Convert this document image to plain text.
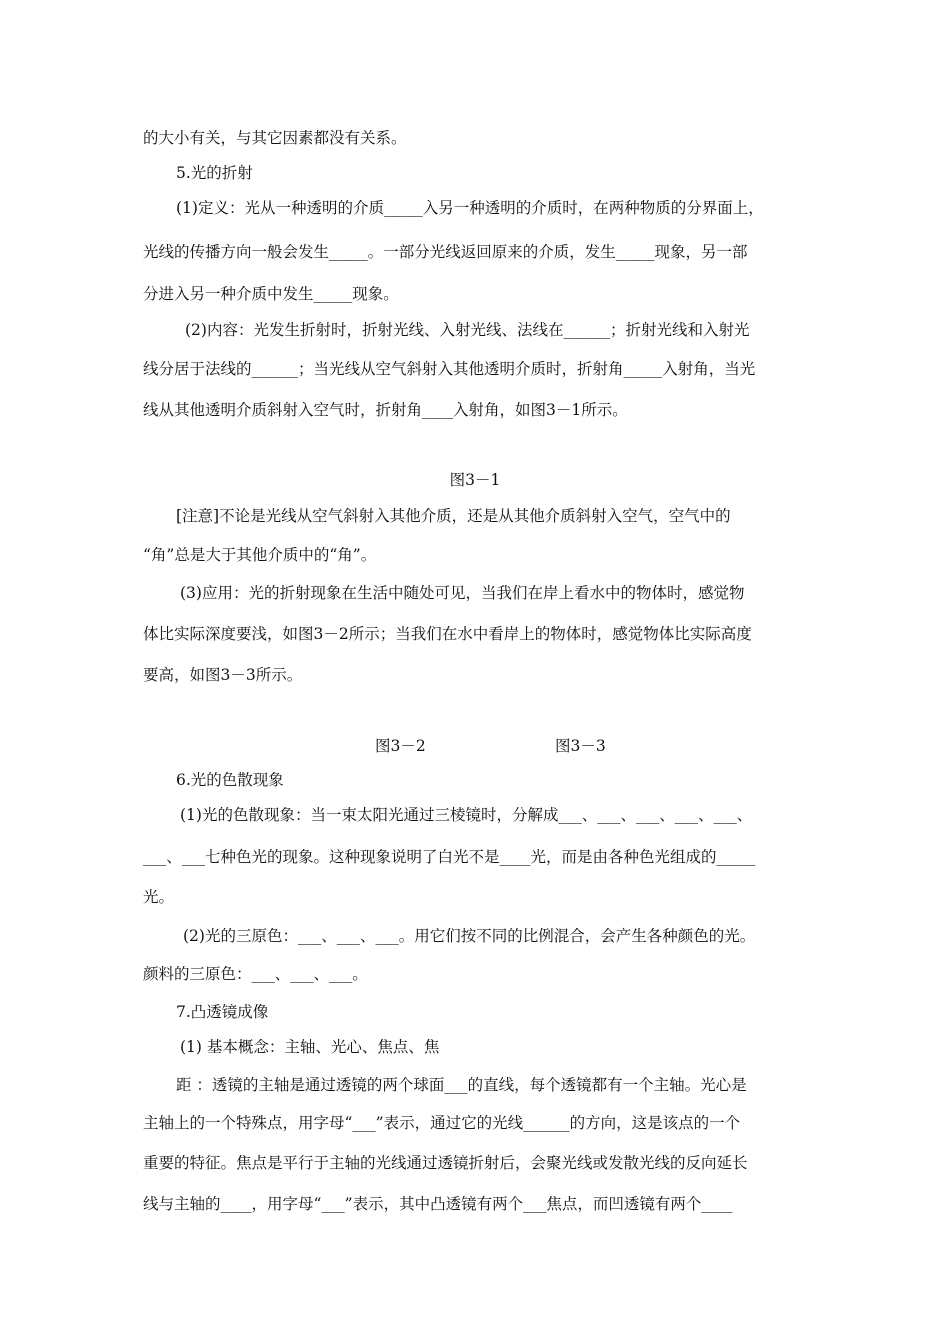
的大小有关，与其它因素都没有关系。
5.光的折射
(1)定义：光从一种透明的介质_____入另一种透明的介质时，在两种物质的分界面上，
光线的传播方向一般会发生_____。一部分光线返回原来的介质，发生_____现象，另一部
分进入另一种介质中发生_____现象。
(2)内容：光发生折射时，折射光线、入射光线、法线在______；折射光线和入射光
线分居于法线的______；当光线从空气斜射入其他透明介质时，折射角_____入射角，当光
线从其他透明介质斜射入空气时，折射角____入射角，如图3－1所示。
图3－1
[注意]不论是光线从空气斜射入其他介质，还是从其他介质斜射入空气，空气中的
“角”总是大于其他介质中的“角”。
(3)应用：光的折射现象在生活中随处可见，当我们在岸上看水中的物体时，感觉物
体比实际深度要浅，如图3－2所示；当我们在水中看岸上的物体时，感觉物体比实际高度
要高，如图3－3所示。
图3－2	图3－3
6.光的色散现象
(1)光的色散现象：当一束太阳光通过三棱镜时，分解成___、___、___、___、___、
___、___七种色光的现象。这种现象说明了白光不是____光，而是由各种色光组成的_____
光。
(2)光的三原色：___、___、___。用它们按不同的比例混合，会产生各种颜色的光。
颜料的三原色：___、___、___。
7.凸透镜成像
(1) 基本概念：主轴、光心、焦点、焦
距 ：透镜的主轴是通过透镜的两个球面___的直线，每个透镜都有一个主轴。光心是
主轴上的一个特殊点，用字母“___”表示，通过它的光线______的方向，这是该点的一个
重要的特征。焦点是平行于主轴的光线通过透镜折射后，会聚光线或发散光线的反向延长
线与主轴的____，用字母“___”表示，其中凸透镜有两个___焦点，而凹透镜有两个____
